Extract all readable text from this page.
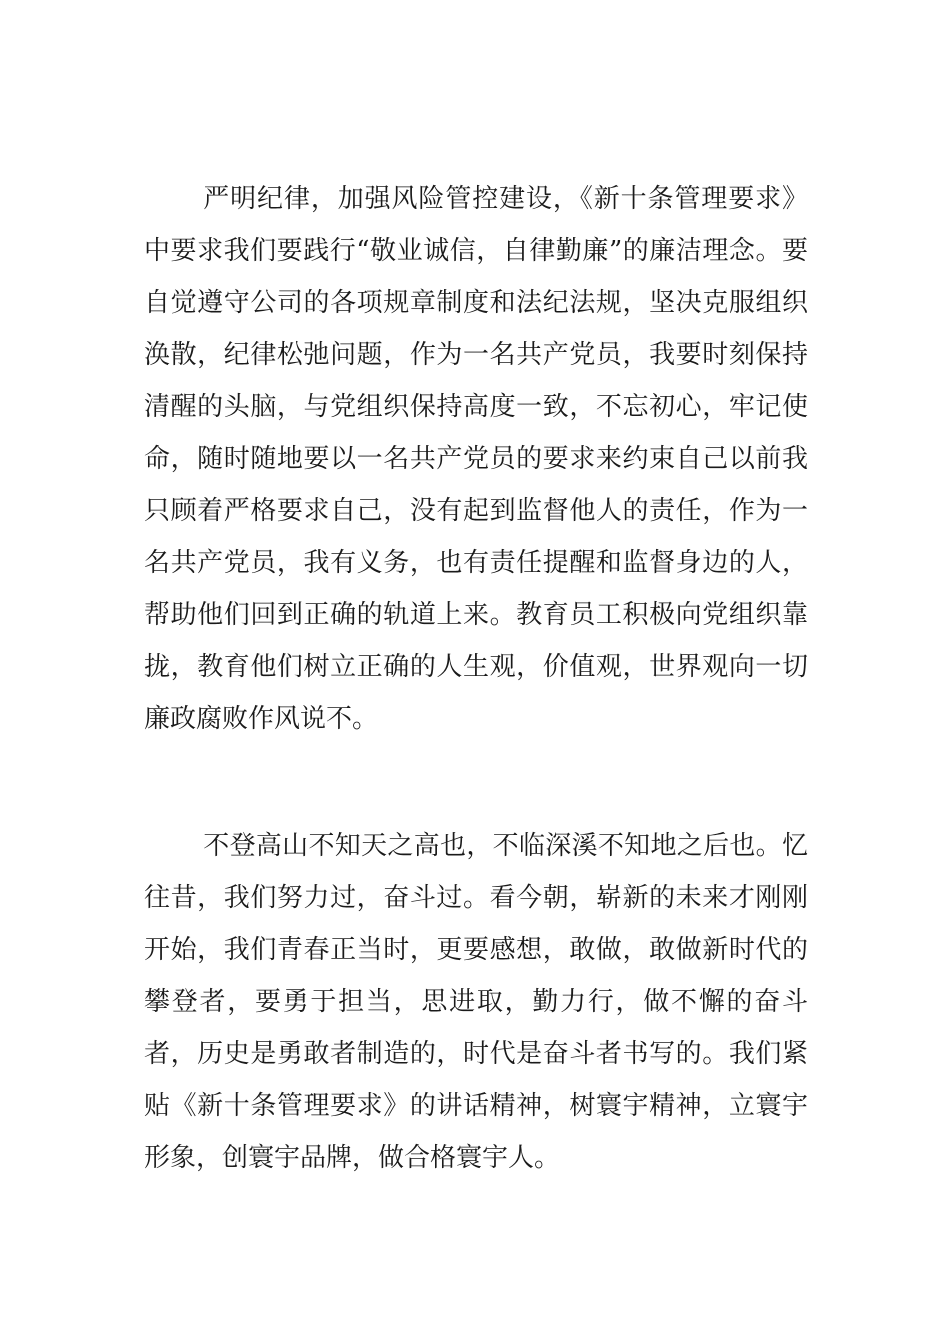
严明纪律，加强风险管控建设，《新十条管理要求》中要求我们要践行“敬业诚信，自律勤廉”的廉洁理念。要自觉遵守公司的各项规章制度和法纪法规，坚决克服组织涣散，纪律松弛问题，作为一名共产党员，我要时刻保持清醒的头脑，与党组织保持高度一致，不忘初心，牢记使命，随时随地要以一名共产党员的要求来约束自己以前我只顾着严格要求自己，没有起到监督他人的责任，作为一名共产党员，我有义务，也有责任提醒和监督身边的人，帮助他们回到正确的轨道上来。教育员工积极向党组织靠拢，教育他们树立正确的人生观，价值观，世界观向一切廉政腐败作风说不。

不登高山不知天之高也，不临深溪不知地之后也。忆往昔，我们努力过，奋斗过。看今朝，崭新的未来才刚刚开始，我们青春正当时，更要感想，敢做，敢做新时代的攀登者，要勇于担当，思进取，勤力行，做不懈的奋斗者，历史是勇敢者制造的，时代是奋斗者书写的。我们紧贴《新十条管理要求》的讲话精神，树寰宇精神，立寰宇形象，创寰宇品牌，做合格寰宇人。
